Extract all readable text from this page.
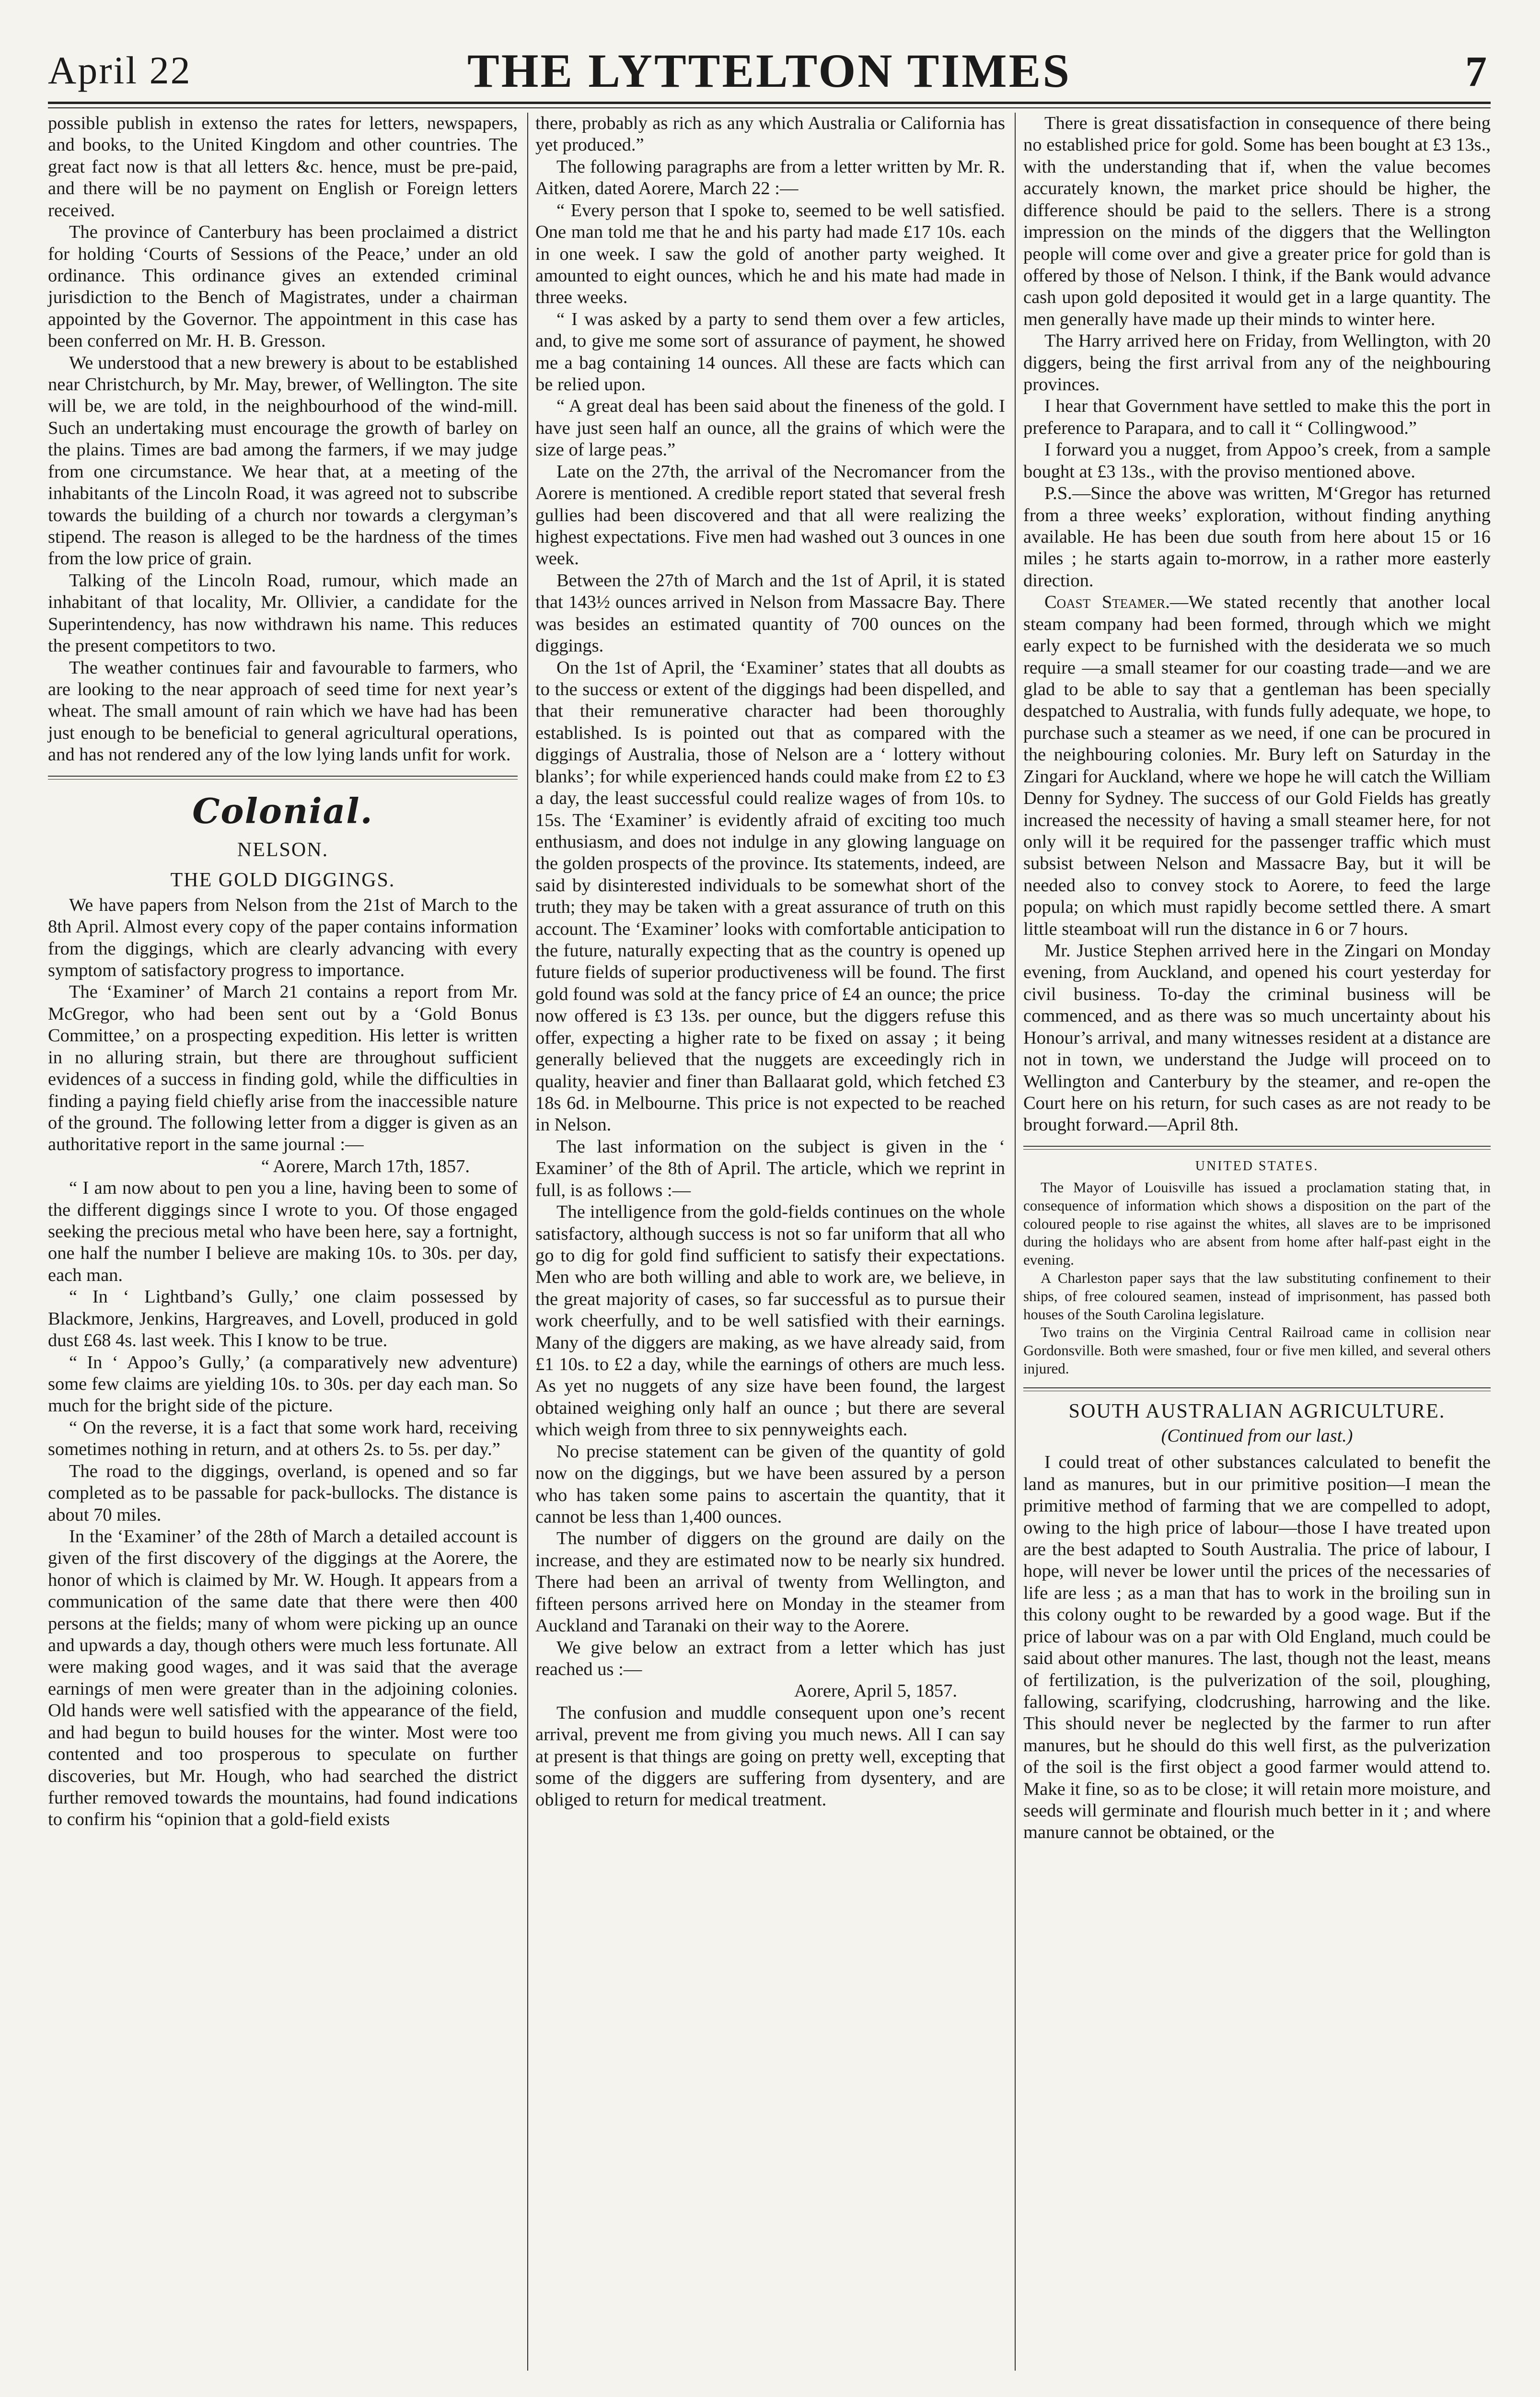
April 22	THE LYTTELTON TIMES	7

possible publish in extenso the rates for letters, newspapers, and books, to the United Kingdom and other countries. The great fact now is that all letters &c. hence, must be pre-paid, and there will be no payment on English or Foreign letters received.

The province of Canterbury has been proclaimed a district for holding ‘Courts of Sessions of the Peace,’ under an old ordinance. This ordinance gives an extended criminal jurisdiction to the Bench of Magistrates, under a chairman appointed by the Governor. The appointment in this case has been conferred on Mr. H. B. Gresson.

We understood that a new brewery is about to be established near Christchurch, by Mr. May, brewer, of Wellington. The site will be, we are told, in the neighbourhood of the wind-mill. Such an undertaking must encourage the growth of barley on the plains. Times are bad among the farmers, if we may judge from one circumstance. We hear that, at a meeting of the inhabitants of the Lincoln Road, it was agreed not to subscribe towards the building of a church nor towards a clergyman’s stipend. The reason is alleged to be the hardness of the times from the low price of grain.

Talking of the Lincoln Road, rumour, which made an inhabitant of that locality, Mr. Ollivier, a candidate for the Superintendency, has now withdrawn his name. This reduces the present competitors to two.

The weather continues fair and favourable to farmers, who are looking to the near approach of seed time for next year’s wheat. The small amount of rain which we have had has been just enough to be beneficial to general agricultural operations, and has not rendered any of the low lying lands unfit for work.

Colonial.
NELSON.
THE GOLD DIGGINGS.

We have papers from Nelson from the 21st of March to the 8th April. Almost every copy of the paper contains information from the diggings, which are clearly advancing with every symptom of satisfactory progress to importance.

The ‘Examiner’ of March 21 contains a report from Mr. McGregor, who had been sent out by a ‘Gold Bonus Committee,’ on a prospecting expedition. His letter is written in no alluring strain, but there are throughout sufficient evidences of a success in finding gold, while the difficulties in finding a paying field chiefly arise from the inaccessible nature of the ground. The following letter from a digger is given as an authoritative report in the same journal :—

“ Aorere, March 17th, 1857.

“ I am now about to pen you a line, having been to some of the different diggings since I wrote to you. Of those engaged seeking the precious metal who have been here, say a fortnight, one half the number I believe are making 10s. to 30s. per day, each man.

“ In ‘ Lightband’s Gully,’ one claim possessed by Blackmore, Jenkins, Hargreaves, and Lovell, produced in gold dust £68 4s. last week. This I know to be true.

“ In ‘ Appoo’s Gully,’ (a comparatively new adventure) some few claims are yielding 10s. to 30s. per day each man. So much for the bright side of the picture.

“ On the reverse, it is a fact that some work hard, receiving sometimes nothing in return, and at others 2s. to 5s. per day.”

The road to the diggings, overland, is opened and so far completed as to be passable for pack-bullocks. The distance is about 70 miles.

In the ‘Examiner’ of the 28th of March a detailed account is given of the first discovery of the diggings at the Aorere, the honor of which is claimed by Mr. W. Hough. It appears from a communication of the same date that there were then 400 persons at the fields; many of whom were picking up an ounce and upwards a day, though others were much less fortunate. All were making good wages, and it was said that the average earnings of men were greater than in the adjoining colonies. Old hands were well satisfied with the appearance of the field, and had begun to build houses for the winter. Most were too contented and too prosperous to speculate on further discoveries, but Mr. Hough, who had searched the district further removed towards the mountains, had found indications to confirm his “opinion that a gold-field exists

there, probably as rich as any which Australia or California has yet produced.”

The following paragraphs are from a letter written by Mr. R. Aitken, dated Aorere, March 22 :—

“ Every person that I spoke to, seemed to be well satisfied. One man told me that he and his party had made £17 10s. each in one week. I saw the gold of another party weighed. It amounted to eight ounces, which he and his mate had made in three weeks.

“ I was asked by a party to send them over a few articles, and, to give me some sort of assurance of payment, he showed me a bag containing 14 ounces. All these are facts which can be relied upon.

“ A great deal has been said about the fineness of the gold. I have just seen half an ounce, all the grains of which were the size of large peas.”

Late on the 27th, the arrival of the Necromancer from the Aorere is mentioned. A credible report stated that several fresh gullies had been discovered and that all were realizing the highest expectations. Five men had washed out 3 ounces in one week.

Between the 27th of March and the 1st of April, it is stated that 143½ ounces arrived in Nelson from Massacre Bay. There was besides an estimated quantity of 700 ounces on the diggings.

On the 1st of April, the ‘Examiner’ states that all doubts as to the success or extent of the diggings had been dispelled, and that their remunerative character had been thoroughly established. Is is pointed out that as compared with the diggings of Australia, those of Nelson are a ‘ lottery without blanks’; for while experienced hands could make from £2 to £3 a day, the least successful could realize wages of from 10s. to 15s. The ‘Examiner’ is evidently afraid of exciting too much enthusiasm, and does not indulge in any glowing language on the golden prospects of the province. Its statements, indeed, are said by disinterested individuals to be somewhat short of the truth; they may be taken with a great assurance of truth on this account. The ‘Examiner’ looks with comfortable anticipation to the future, naturally expecting that as the country is opened up future fields of superior productiveness will be found. The first gold found was sold at the fancy price of £4 an ounce; the price now offered is £3 13s. per ounce, but the diggers refuse this offer, expecting a higher rate to be fixed on assay ; it being generally believed that the nuggets are exceedingly rich in quality, heavier and finer than Ballaarat gold, which fetched £3 18s 6d. in Melbourne. This price is not expected to be reached in Nelson.

The last information on the subject is given in the ‘ Examiner’ of the 8th of April. The article, which we reprint in full, is as follows :—

The intelligence from the gold-fields continues on the whole satisfactory, although success is not so far uniform that all who go to dig for gold find sufficient to satisfy their expectations. Men who are both willing and able to work are, we believe, in the great majority of cases, so far successful as to pursue their work cheerfully, and to be well satisfied with their earnings. Many of the diggers are making, as we have already said, from £1 10s. to £2 a day, while the earnings of others are much less. As yet no nuggets of any size have been found, the largest obtained weighing only half an ounce ; but there are several which weigh from three to six pennyweights each.

No precise statement can be given of the quantity of gold now on the diggings, but we have been assured by a person who has taken some pains to ascertain the quantity, that it cannot be less than 1,400 ounces.

The number of diggers on the ground are daily on the increase, and they are estimated now to be nearly six hundred. There had been an arrival of twenty from Wellington, and fifteen persons arrived here on Monday in the steamer from Auckland and Taranaki on their way to the Aorere.

We give below an extract from a letter which has just reached us :—

Aorere, April 5, 1857.

The confusion and muddle consequent upon one’s recent arrival, prevent me from giving you much news. All I can say at present is that things are going on pretty well, excepting that some of the diggers are suffering from dysentery, and are obliged to return for medical treatment.

There is great dissatisfaction in consequence of there being no established price for gold. Some has been bought at £3 13s., with the understanding that if, when the value becomes accurately known, the market price should be higher, the difference should be paid to the sellers. There is a strong impression on the minds of the diggers that the Wellington people will come over and give a greater price for gold than is offered by those of Nelson. I think, if the Bank would advance cash upon gold deposited it would get in a large quantity. The men generally have made up their minds to winter here.

The Harry arrived here on Friday, from Wellington, with 20 diggers, being the first arrival from any of the neighbouring provinces.

I hear that Government have settled to make this the port in preference to Parapara, and to call it “ Collingwood.”

I forward you a nugget, from Appoo’s creek, from a sample bought at £3 13s., with the proviso mentioned above.

P.S.—Since the above was written, M‘Gregor has returned from a three weeks’ exploration, without finding anything available. He has been due south from here about 15 or 16 miles ; he starts again to-morrow, in a rather more easterly direction.

Coast Steamer.—We stated recently that another local steam company had been formed, through which we might early expect to be furnished with the desiderata we so much require —a small steamer for our coasting trade—and we are glad to be able to say that a gentleman has been specially despatched to Australia, with funds fully adequate, we hope, to purchase such a steamer as we need, if one can be procured in the neighbouring colonies. Mr. Bury left on Saturday in the Zingari for Auckland, where we hope he will catch the William Denny for Sydney. The success of our Gold Fields has greatly increased the necessity of having a small steamer here, for not only will it be required for the passenger traffic which must subsist between Nelson and Massacre Bay, but it will be needed also to convey stock to Aorere, to feed the large popula; on which must rapidly become settled there. A smart little steamboat will run the distance in 6 or 7 hours.

Mr. Justice Stephen arrived here in the Zingari on Monday evening, from Auckland, and opened his court yesterday for civil business. To-day the criminal business will be commenced, and as there was so much uncertainty about his Honour’s arrival, and many witnesses resident at a distance are not in town, we understand the Judge will proceed on to Wellington and Canterbury by the steamer, and re-open the Court here on his return, for such cases as are not ready to be brought forward.—April 8th.

UNITED STATES.

The Mayor of Louisville has issued a proclamation stating that, in consequence of information which shows a disposition on the part of the coloured people to rise against the whites, all slaves are to be imprisoned during the holidays who are absent from home after half-past eight in the evening.

A Charleston paper says that the law substituting confinement to their ships, of free coloured seamen, instead of imprisonment, has passed both houses of the South Carolina legislature.

Two trains on the Virginia Central Railroad came in collision near Gordonsville. Both were smashed, four or five men killed, and several others injured.

SOUTH AUSTRALIAN AGRICULTURE.
(Continued from our last.)

I could treat of other substances calculated to benefit the land as manures, but in our primitive position—I mean the primitive method of farming that we are compelled to adopt, owing to the high price of labour—those I have treated upon are the best adapted to South Australia. The price of labour, I hope, will never be lower until the prices of the necessaries of life are less ; as a man that has to work in the broiling sun in this colony ought to be rewarded by a good wage. But if the price of labour was on a par with Old England, much could be said about other manures. The last, though not the least, means of fertilization, is the pulverization of the soil, ploughing, fallowing, scarifying, clodcrushing, harrowing and the like. This should never be neglected by the farmer to run after manures, but he should do this well first, as the pulverization of the soil is the first object a good farmer would attend to. Make it fine, so as to be close; it will retain more moisture, and seeds will germinate and flourish much better in it ; and where manure cannot be obtained, or the
